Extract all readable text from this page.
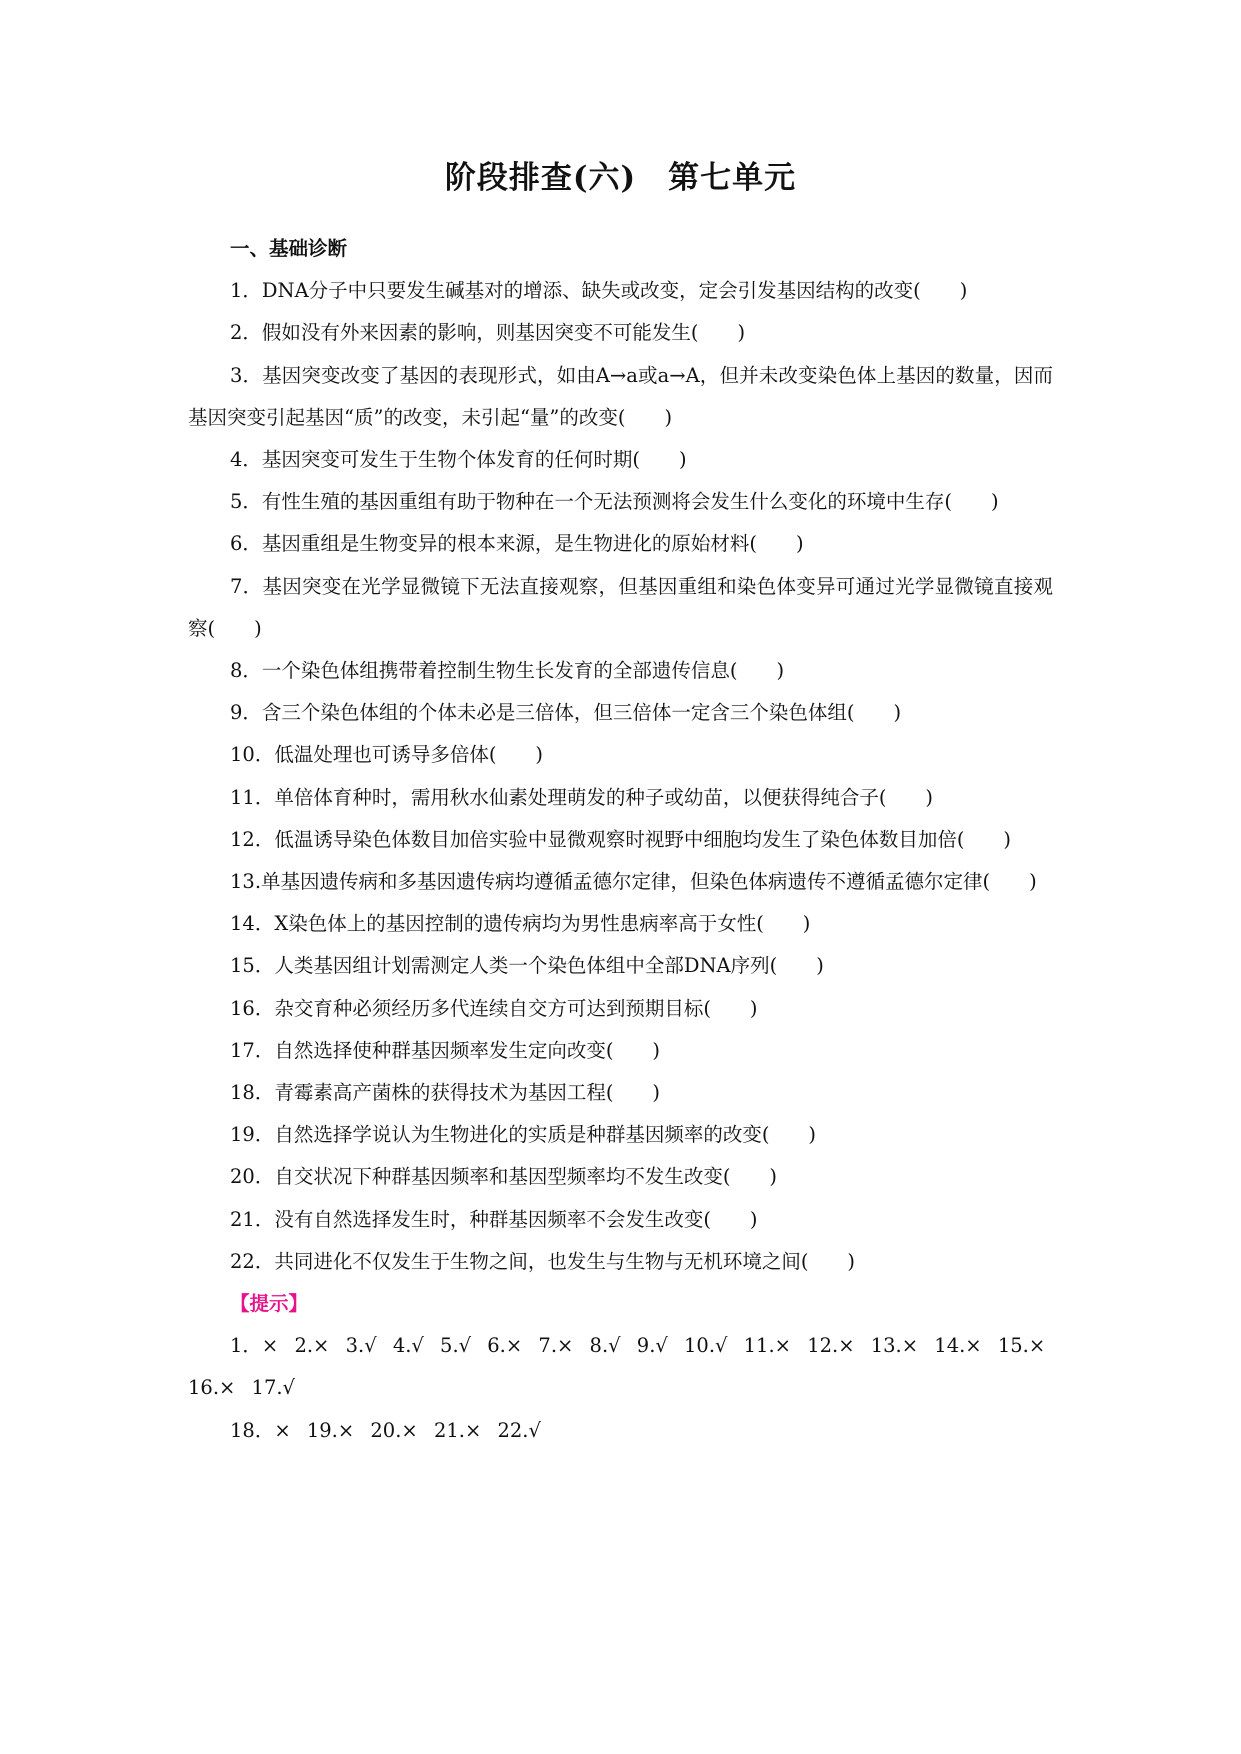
阶段排查(六)　第七单元

一、基础诊断

1．DNA分子中只要发生碱基对的增添、缺失或改变，定会引发基因结构的改变(　　)

2．假如没有外来因素的影响，则基因突变不可能发生(　　)

3．基因突变改变了基因的表现形式，如由A→a或a→A，但并未改变染色体上基因的数量，因而基因突变引起基因“质”的改变，未引起“量”的改变(　　)

4．基因突变可发生于生物个体发育的任何时期(　　)

5．有性生殖的基因重组有助于物种在一个无法预测将会发生什么变化的环境中生存(　　)

6．基因重组是生物变异的根本来源，是生物进化的原始材料(　　)

7．基因突变在光学显微镜下无法直接观察，但基因重组和染色体变异可通过光学显微镜直接观察(　　)

8．一个染色体组携带着控制生物生长发育的全部遗传信息(　　)

9．含三个染色体组的个体未必是三倍体，但三倍体一定含三个染色体组(　　)

10．低温处理也可诱导多倍体(　　)

11．单倍体育种时，需用秋水仙素处理萌发的种子或幼苗，以便获得纯合子(　　)

12．低温诱导染色体数目加倍实验中显微观察时视野中细胞均发生了染色体数目加倍(　　)

13.单基因遗传病和多基因遗传病均遵循孟德尔定律，但染色体病遗传不遵循孟德尔定律(　　)

14．X染色体上的基因控制的遗传病均为男性患病率高于女性(　　)

15．人类基因组计划需测定人类一个染色体组中全部DNA序列(　　)

16．杂交育种必须经历多代连续自交方可达到预期目标(　　)

17．自然选择使种群基因频率发生定向改变(　　)

18．青霉素高产菌株的获得技术为基因工程(　　)

19．自然选择学说认为生物进化的实质是种群基因频率的改变(　　)

20．自交状况下种群基因频率和基因型频率均不发生改变(　　)

21．没有自然选择发生时，种群基因频率不会发生改变(　　)

22．共同进化不仅发生于生物之间，也发生与生物与无机环境之间(　　)

【提示】

1．× 2.× 3.√ 4.√ 5.√ 6.× 7.× 8.√ 9.√ 10.√ 11.× 12.× 13.× 14.× 15.× 16.× 17.√

18．× 19.× 20.× 21.× 22.√
